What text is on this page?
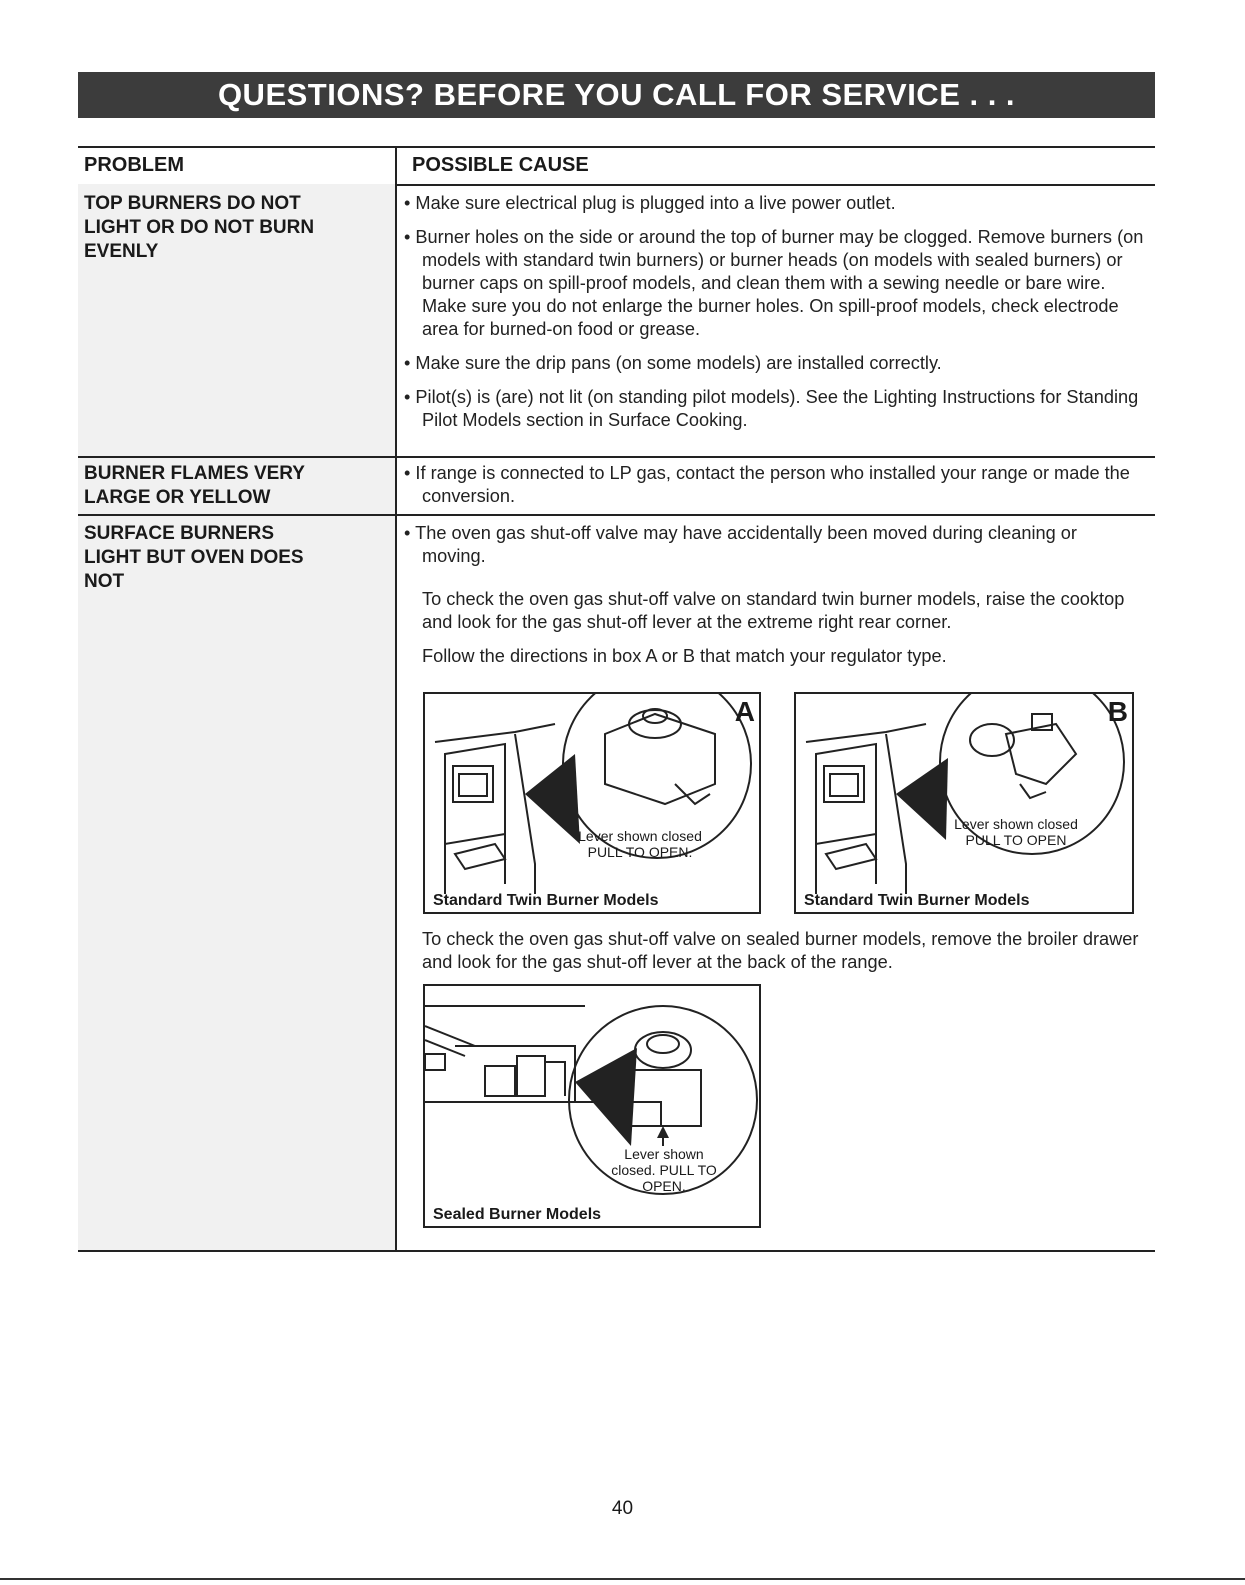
QUESTIONS? BEFORE YOU CALL FOR SERVICE . . .
PROBLEM	POSSIBLE CAUSE
TOP BURNERS DO NOT LIGHT OR DO NOT BURN EVENLY
BURNER FLAMES VERY LARGE OR YELLOW
SURFACE BURNERS LIGHT BUT OVEN DOES NOT

• Make sure electrical plug is plugged into a live power outlet.

• Burner holes on the side or around the top of burner may be clogged. Remove burners (on models with standard twin burners) or burner heads (on models with sealed burners) or burner caps on spill-proof models, and clean them with a sewing needle or bare wire. Make sure you do not enlarge the burner holes. On spill-proof models, check electrode area for burned-on food or grease.

• Make sure the drip pans (on some models) are installed correctly.

• Pilot(s) is (are) not lit (on standing pilot models). See the Lighting Instructions for Standing Pilot Models section in Surface Cooking.

• If range is connected to LP gas, contact the person who installed your range or made the conversion.

• The oven gas shut-off valve may have accidentally been moved during cleaning or moving.

To check the oven gas shut-off valve on standard twin burner models, raise the cooktop and look for the gas shut-off lever at the extreme right rear corner.

Follow the directions in box A or B that match your regulator type.

A
Lever shown closed PULL TO OPEN.
Standard Twin Burner Models
B
Lever shown closed PULL TO OPEN
Standard Twin Burner Models

To check the oven gas shut-off valve on sealed burner models, remove the broiler drawer and look for the gas shut-off lever at the back of the range.

Lever shown closed. PULL TO OPEN.
Sealed Burner Models
40
